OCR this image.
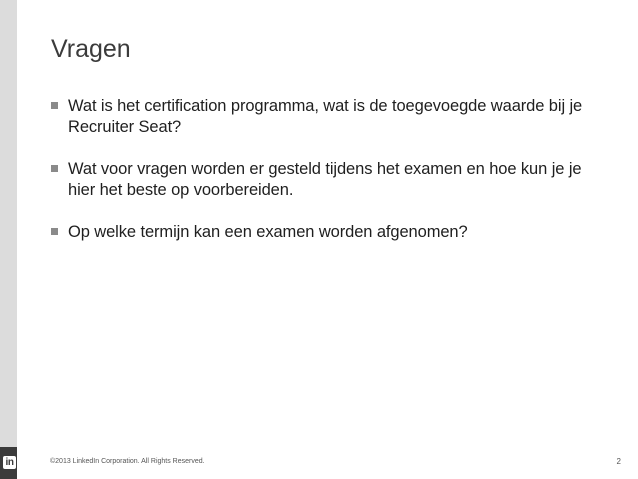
in
Vragen
Wat is het certification programma, wat is de toegevoegde waarde bij je Recruiter Seat?
Wat voor vragen worden er gesteld tijdens het examen en hoe kun je je hier het beste op voorbereiden.
Op welke termijn kan een examen worden afgenomen?
©2013 LinkedIn Corporation. All Rights Reserved.	2
